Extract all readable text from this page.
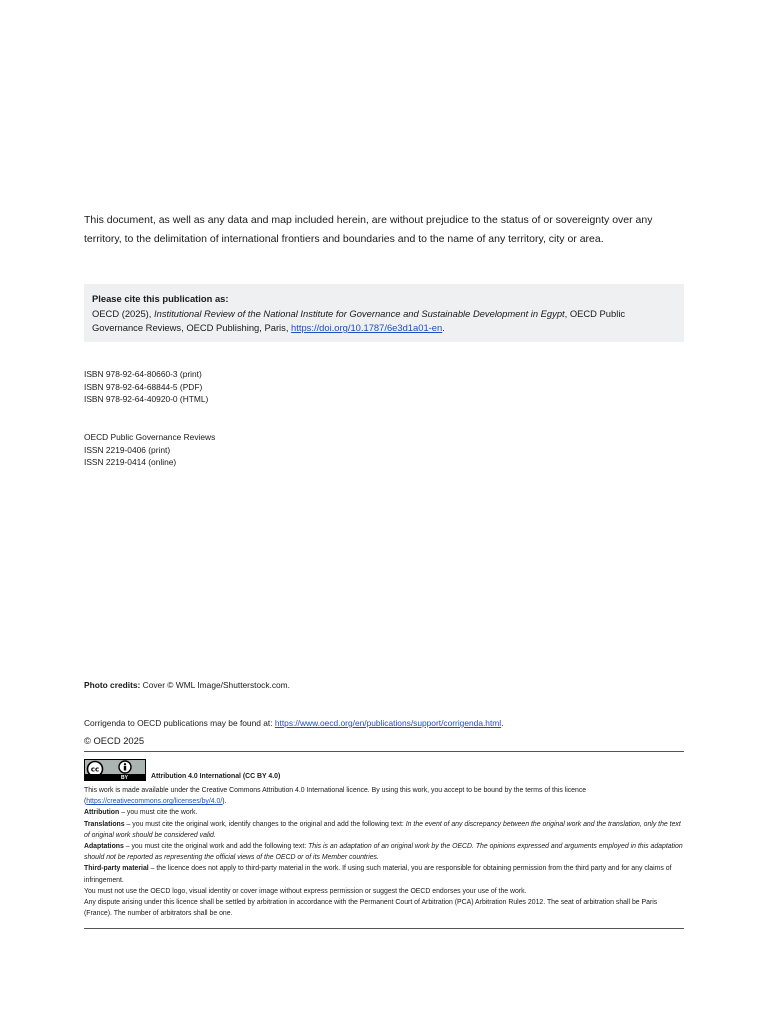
This document, as well as any data and map included herein, are without prejudice to the status of or sovereignty over any territory, to the delimitation of international frontiers and boundaries and to the name of any territory, city or area.
Please cite this publication as:
OECD (2025), Institutional Review of the National Institute for Governance and Sustainable Development in Egypt, OECD Public Governance Reviews, OECD Publishing, Paris, https://doi.org/10.1787/6e3d1a01-en.
ISBN 978-92-64-80660-3 (print)
ISBN 978-92-64-68844-5 (PDF)
ISBN 978-92-64-40920-0 (HTML)
OECD Public Governance Reviews
ISSN 2219-0406 (print)
ISSN 2219-0414 (online)
Photo credits: Cover © WML Image/Shutterstock.com.
Corrigenda to OECD publications may be found at: https://www.oecd.org/en/publications/support/corrigenda.html.
© OECD 2025
cc
BY	Attribution 4.0 International (CC BY 4.0)

This work is made available under the Creative Commons Attribution 4.0 International licence. By using this work, you accept to be bound by the terms of this licence
(https://creativecommons.org/licenses/by/4.0/).

Attribution – you must cite the work.

Translations – you must cite the original work, identify changes to the original and add the following text: In the event of any discrepancy between the original work and the translation, only the text of original work should be considered valid.

Adaptations – you must cite the original work and add the following text: This is an adaptation of an original work by the OECD. The opinions expressed and arguments employed in this adaptation should not be reported as representing the official views of the OECD or of its Member countries.

Third-party material – the licence does not apply to third-party material in the work. If using such material, you are responsible for obtaining permission from the third party and for any claims of infringement.

You must not use the OECD logo, visual identity or cover image without express permission or suggest the OECD endorses your use of the work.

Any dispute arising under this licence shall be settled by arbitration in accordance with the Permanent Court of Arbitration (PCA) Arbitration Rules 2012. The seat of arbitration shall be Paris (France). The number of arbitrators shall be one.
